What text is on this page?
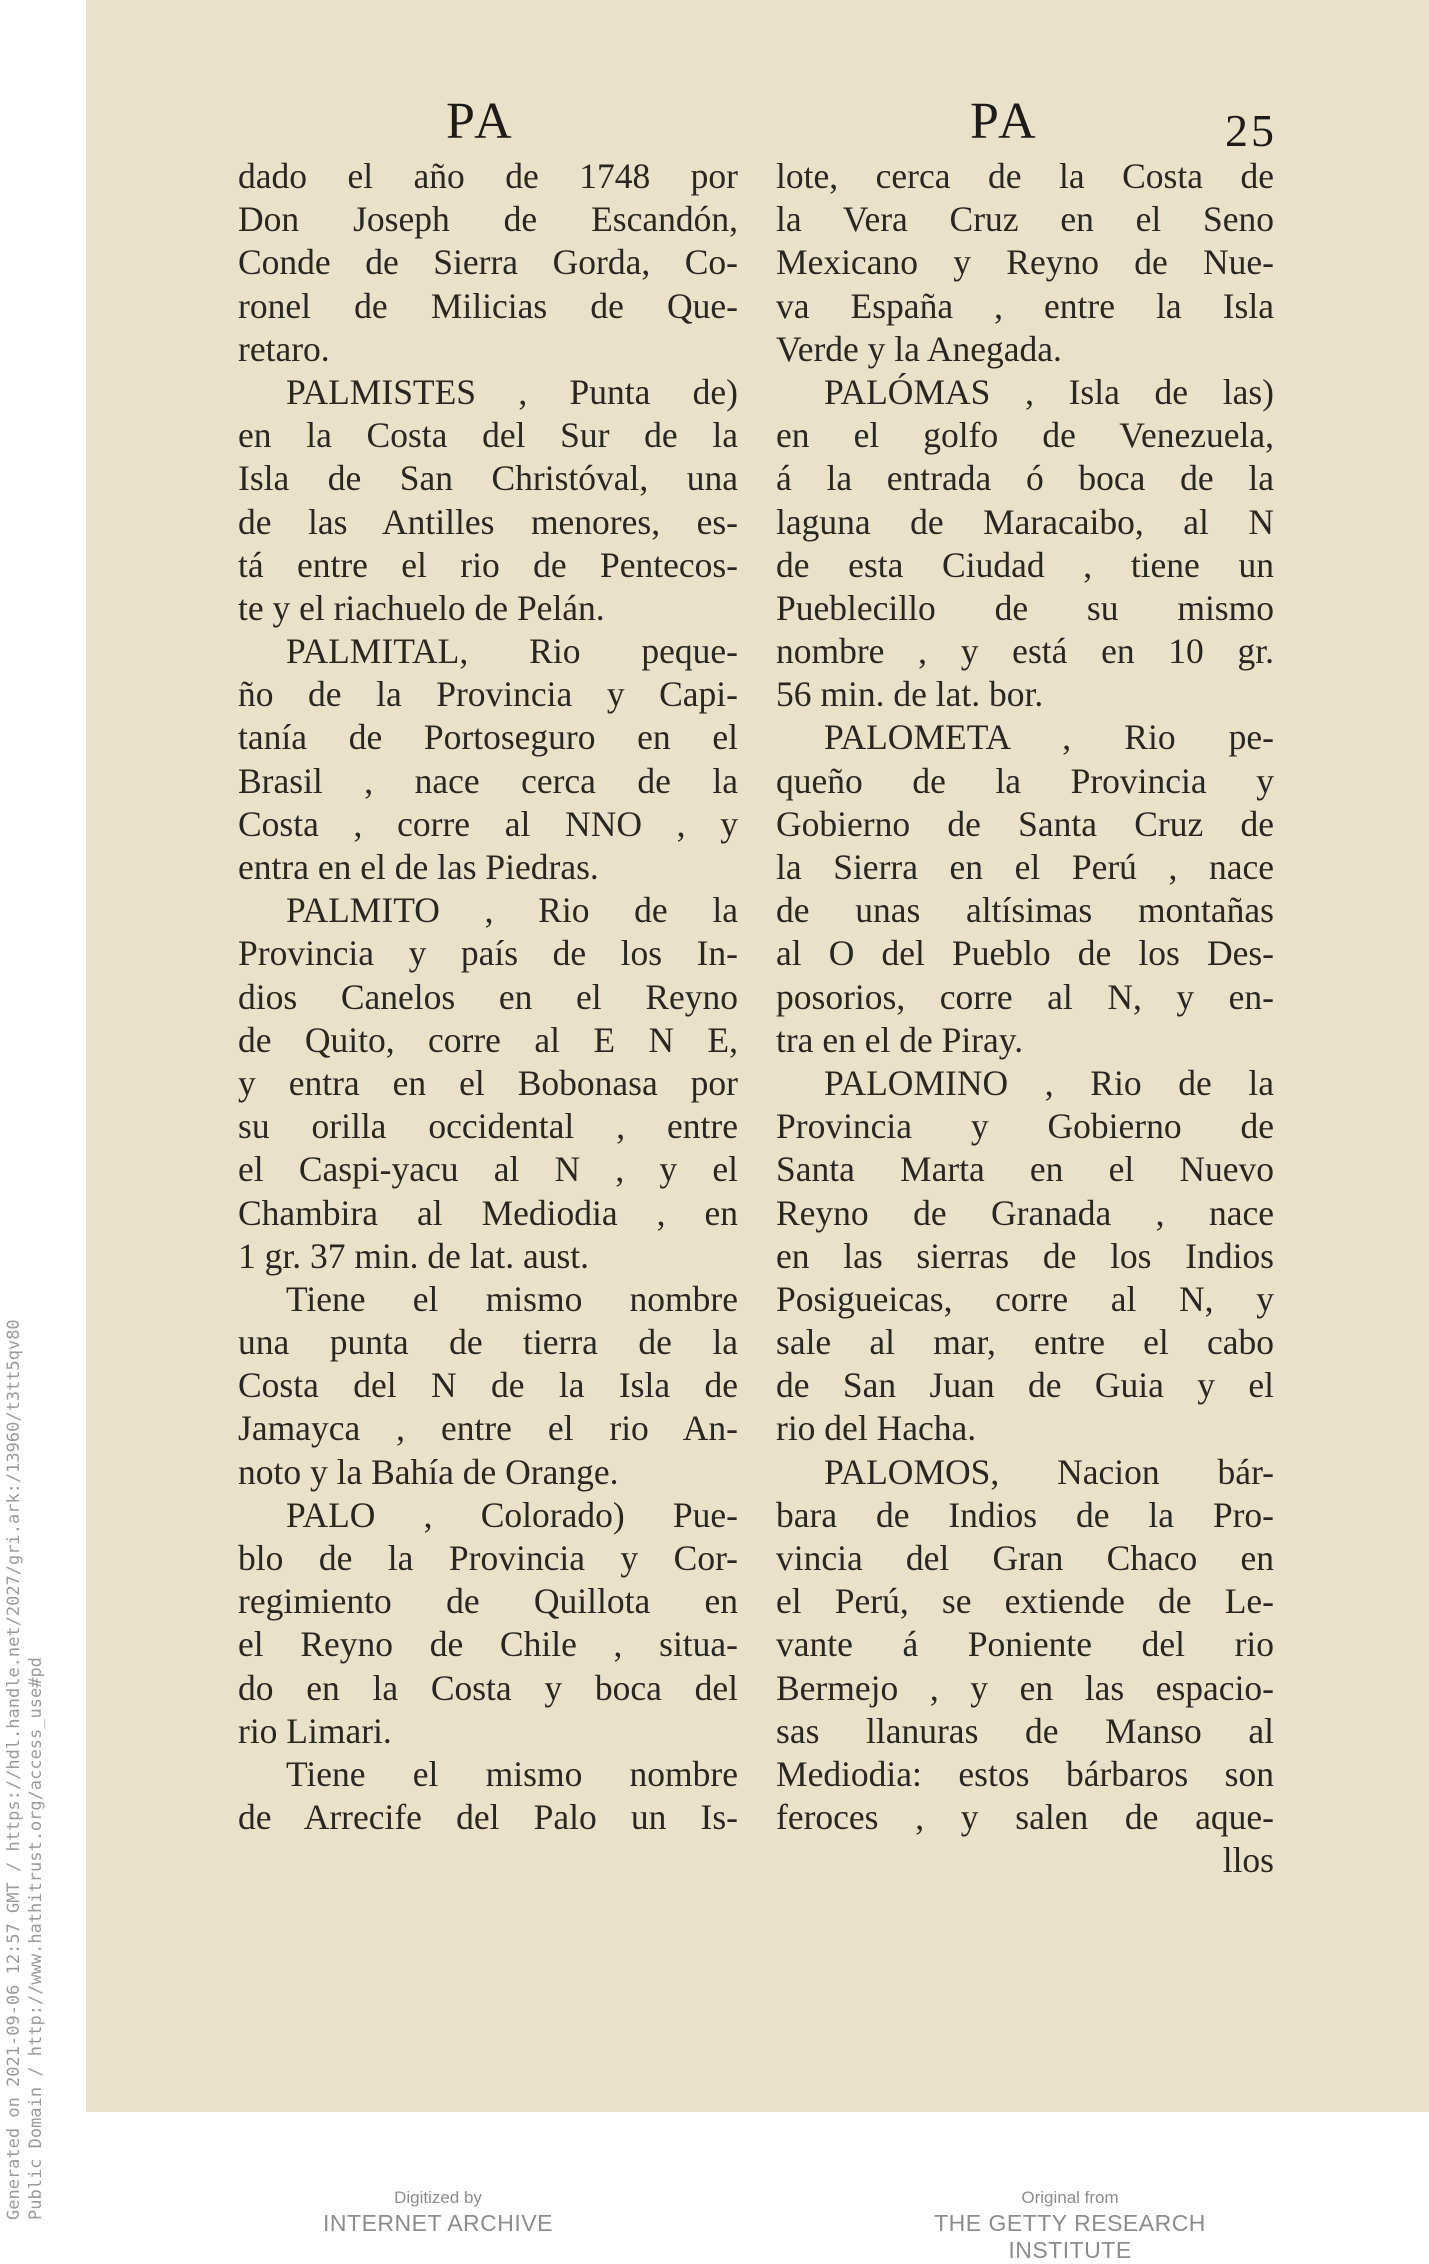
Generated on 2021-09-06 12:57 GMT / https://hdl.handle.net/2027/gri.ark:/13960/t3tt5qv80 Public Domain / http://www.hathitrust.org/access_use#pd
PA	PA	25
dado el año de 1748 por
Don Joseph de Escandón,
Conde de Sierra Gorda, Co-
ronel de Milicias de Que-
retaro.
PALMISTES , Punta de)
en la Costa del Sur de la
Isla de San Christóval, una
de las Antilles menores, es-
tá entre el rio de Pentecos-
te y el riachuelo de Pelán.
PALMITAL, Rio peque-
ño de la Provincia y Capi-
tanía de Portoseguro en el
Brasil , nace cerca de la
Costa , corre al NNO , y
entra en el de las Piedras.
PALMITO , Rio de la
Provincia y país de los In-
dios Canelos en el Reyno
de Quito, corre al E N E,
y entra en el Bobonasa por
su orilla occidental , entre
el Caspi-yacu al N , y el
Chambira al Mediodia , en
1 gr. 37 min. de lat. aust.
Tiene el mismo nombre
una punta de tierra de la
Costa del N de la Isla de
Jamayca , entre el rio An-
noto y la Bahía de Orange.
PALO , Colorado) Pue-
blo de la Provincia y Cor-
regimiento de Quillota en
el Reyno de Chile , situa-
do en la Costa y boca del
rio Limari.
Tiene el mismo nombre
de Arrecife del Palo un Is-
lote, cerca de la Costa de
la Vera Cruz en el Seno
Mexicano y Reyno de Nue-
va España , entre la Isla
Verde y la Anegada.
PALÓMAS , Isla de las)
en el golfo de Venezuela,
á la entrada ó boca de la
laguna de Maracaibo, al N
de esta Ciudad , tiene un
Pueblecillo de su mismo
nombre , y está en 10 gr.
56 min. de lat. bor.
PALOMETA , Rio pe-
queño de la Provincia y
Gobierno de Santa Cruz de
la Sierra en el Perú , nace
de unas altísimas montañas
al O del Pueblo de los Des-
posorios, corre al N, y en-
tra en el de Piray.
PALOMINO , Rio de la
Provincia y Gobierno de
Santa Marta en el Nuevo
Reyno de Granada , nace
en las sierras de los Indios
Posigueicas, corre al N, y
sale al mar, entre el cabo
de San Juan de Guia y el
rio del Hacha.
PALOMOS, Nacion bár-
bara de Indios de la Pro-
vincia del Gran Chaco en
el Perú, se extiende de Le-
vante á Poniente del rio
Bermejo , y en las espacio-
sas llanuras de Manso al
Mediodia: estos bárbaros son
feroces , y salen de aque-
llos
Digitized by
INTERNET ARCHIVE
Original from
THE GETTY RESEARCH INSTITUTE
